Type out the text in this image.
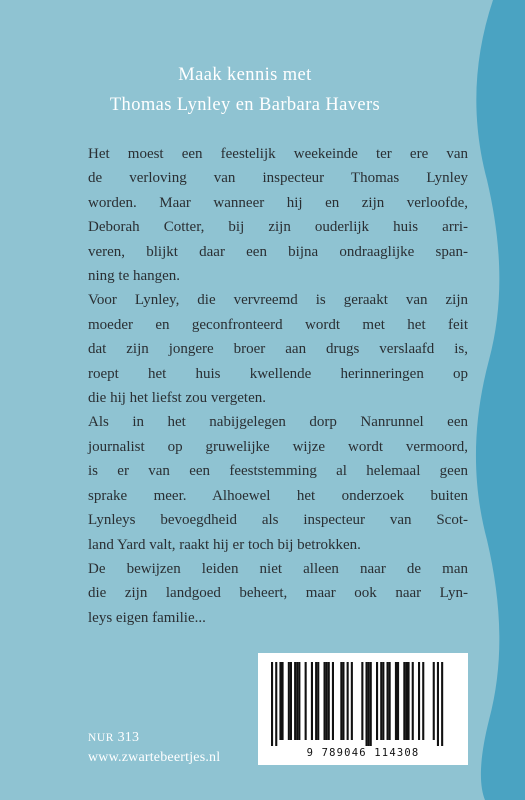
Maak kennis met
Thomas Lynley en Barbara Havers

Het moest een feestelijk weekeinde ter ere van

de verloving van inspecteur Thomas Lynley

worden. Maar wanneer hij en zijn verloofde,

Deborah Cotter, bij zijn ouderlijk huis arri-

veren, blijkt daar een bijna ondraaglijke span-

ning te hangen.

Voor Lynley, die vervreemd is geraakt van zijn

moeder en geconfronteerd wordt met het feit

dat zijn jongere broer aan drugs verslaafd is,

roept het huis kwellende herinneringen op

die hij het liefst zou vergeten.

Als in het nabijgelegen dorp Nanrunnel een

journalist op gruwelijke wijze wordt vermoord,

is er van een feeststemming al helemaal geen

sprake meer. Alhoewel het onderzoek buiten

Lynleys bevoegdheid als inspecteur van Scot-

land Yard valt, raakt hij er toch bij betrokken.

De bewijzen leiden niet alleen naar de man

die zijn landgoed beheert, maar ook naar Lyn-

leys eigen familie...

NUR 313
www.zwartebeertjes.nl	9 789046 114308
